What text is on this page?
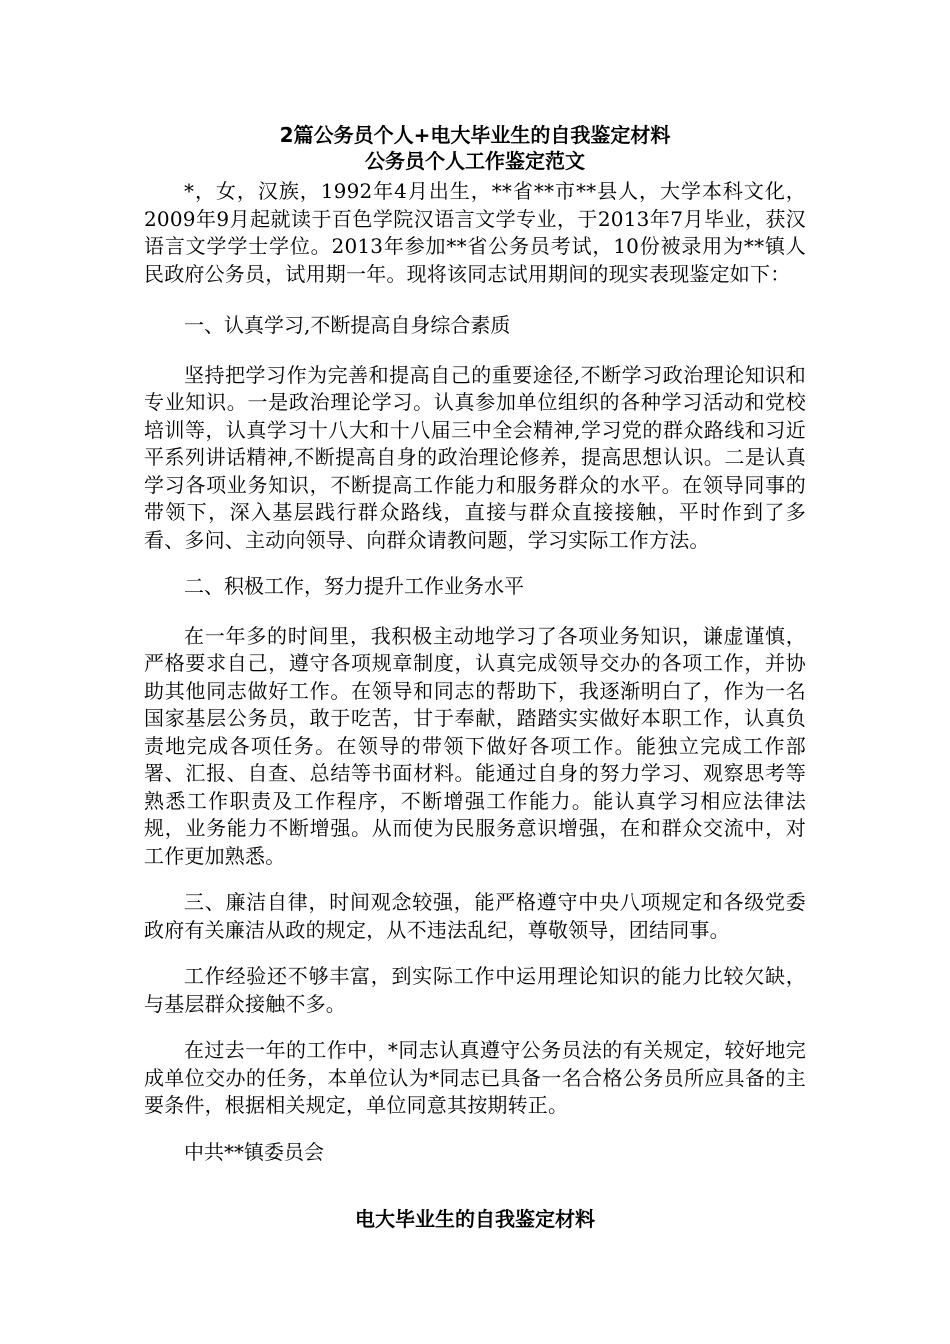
2篇公务员个人+电大毕业生的自我鉴定材料

公务员个人工作鉴定范文

*，女，汉族，1992年4月出生，**省**市**县人，大学本科文化，2009年9月起就读于百色学院汉语言文学专业，于2013年7月毕业，获汉语言文学学士学位。2013年参加**省公务员考试，10份被录用为**镇人民政府公务员，试用期一年。现将该同志试用期间的现实表现鉴定如下：

一、认真学习,不断提高自身综合素质

坚持把学习作为完善和提高自己的重要途径,不断学习政治理论知识和专业知识。一是政治理论学习。认真参加单位组织的各种学习活动和党校培训等，认真学习十八大和十八届三中全会精神,学习党的群众路线和习近平系列讲话精神,不断提高自身的政治理论修养，提高思想认识。二是认真学习各项业务知识，不断提高工作能力和服务群众的水平。在领导同事的带领下，深入基层践行群众路线，直接与群众直接接触，平时作到了多看、多问、主动向领导、向群众请教问题，学习实际工作方法。

二、积极工作，努力提升工作业务水平

在一年多的时间里，我积极主动地学习了各项业务知识，谦虚谨慎，严格要求自己，遵守各项规章制度，认真完成领导交办的各项工作，并协助其他同志做好工作。在领导和同志的帮助下，我逐渐明白了，作为一名国家基层公务员，敢于吃苦，甘于奉献，踏踏实实做好本职工作，认真负责地完成各项任务。在领导的带领下做好各项工作。能独立完成工作部署、汇报、自查、总结等书面材料。能通过自身的努力学习、观察思考等熟悉工作职责及工作程序，不断增强工作能力。能认真学习相应法律法规，业务能力不断增强。从而使为民服务意识增强，在和群众交流中，对工作更加熟悉。

三、廉洁自律，时间观念较强，能严格遵守中央八项规定和各级党委政府有关廉洁从政的规定，从不违法乱纪，尊敬领导，团结同事。

工作经验还不够丰富，到实际工作中运用理论知识的能力比较欠缺，与基层群众接触不多。

在过去一年的工作中，*同志认真遵守公务员法的有关规定，较好地完成单位交办的任务，本单位认为*同志已具备一名合格公务员所应具备的主要条件，根据相关规定，单位同意其按期转正。

中共**镇委员会

电大毕业生的自我鉴定材料
